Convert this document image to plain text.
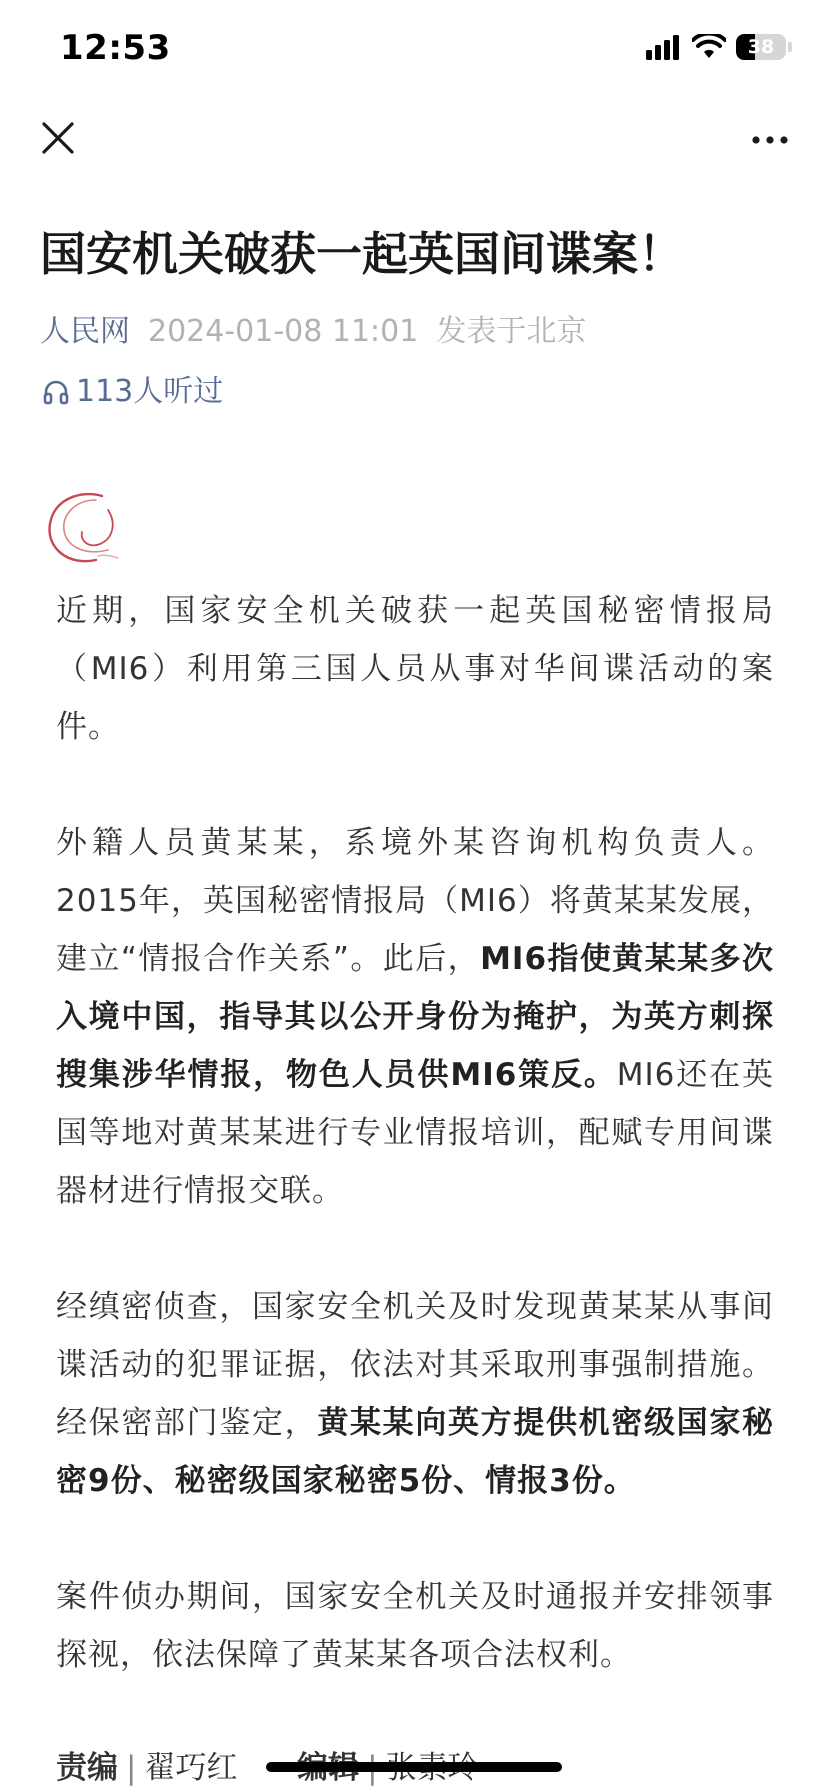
12:53	38
国安机关破获一起英国间谍案！
人民网 2024-01-08 11:01 发表于北京
113人听过

近期，国家安全机关破获一起英国秘密情报局（MI6）利用第三国人员从事对华间谍活动的案件。

外籍人员黄某某，系境外某咨询机构负责人。2015年，英国秘密情报局（MI6）将黄某某发展，建立“情报合作关系”。此后，MI6指使黄某某多次入境中国，指导其以公开身份为掩护，为英方刺探搜集涉华情报，物色人员供MI6策反。MI6还在英国等地对黄某某进行专业情报培训，配赋专用间谍器材进行情报交联。

经缜密侦查，国家安全机关及时发现黄某某从事间谍活动的犯罪证据，依法对其采取刑事强制措施。经保密部门鉴定，黄某某向英方提供机密级国家秘密9份、秘密级国家秘密5份、情报3份。

案件侦办期间，国家安全机关及时通报并安排领事探视，依法保障了黄某某各项合法权利。

责编 | 翟巧红
